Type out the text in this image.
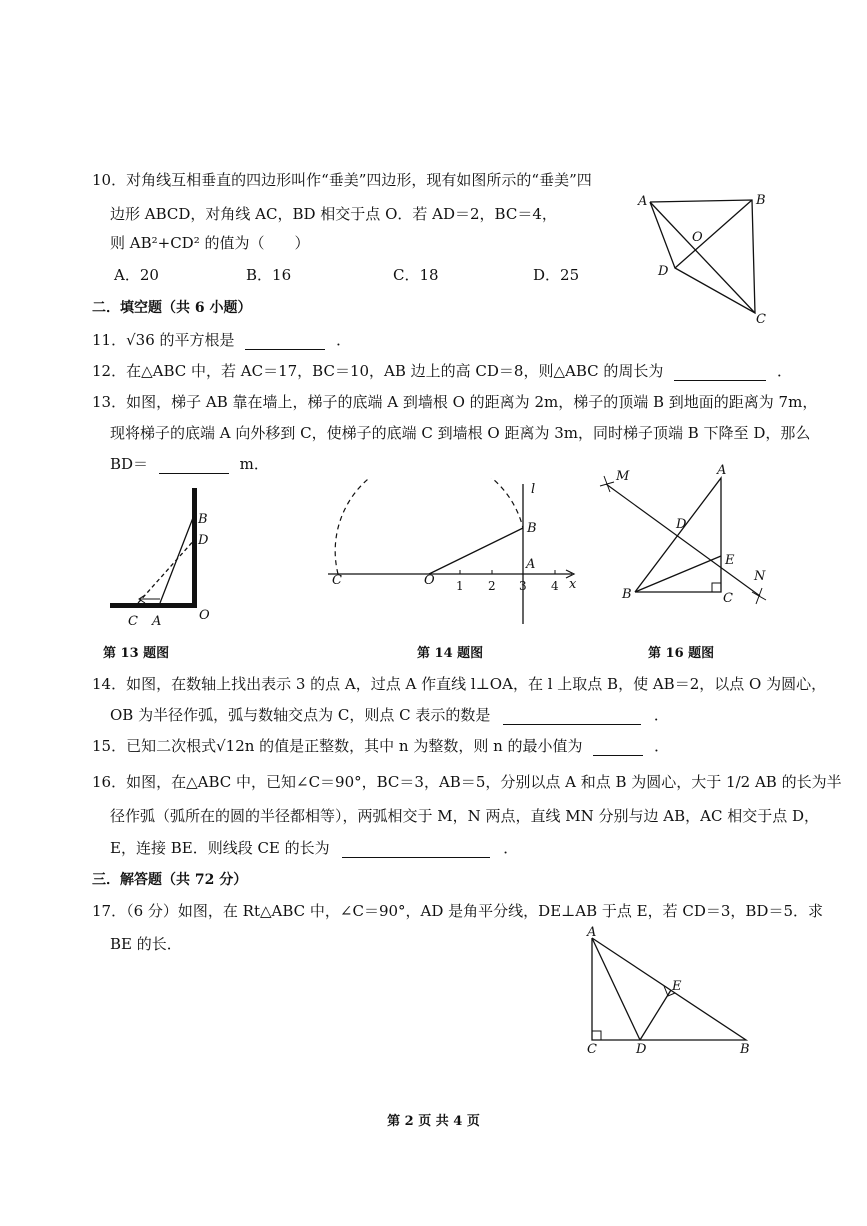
10．对角线互相垂直的四边形叫作“垂美”四边形，现有如图所示的“垂美”四
边形 ABCD，对角线 AC，BD 相交于点 O．若 AD＝2，BC＝4，
则 AB²+CD² 的值为（　　）
A．20	B．16	C．18	D．25
A	B
O
D
C
二．填空题（共 6 小题）
11．√36 的平方根是	．
12．在△ABC 中，若 AC＝17，BC＝10，AB 边上的高 CD＝8，则△ABC 的周长为	．
13．如图，梯子 AB 靠在墙上，梯子的底端 A 到墙根 O 的距离为 2m，梯子的顶端 B 到地面的距离为 7m，
现将梯子的底端 A 向外移到 C，使梯子的底端 C 到墙根 O 距离为 3m，同时梯子顶端 B 下降至 D，那么
BD＝	m．
B
D
O
C A
第 13 题图
l
B
A
C	O 1 2 3 4 x
第 14 题图
M	A
D
E
N
B	C
第 16 题图
14．如图，在数轴上找出表示 3 的点 A，过点 A 作直线 l⊥OA，在 l 上取点 B，使 AB＝2，以点 O 为圆心，
OB 为半径作弧，弧与数轴交点为 C，则点 C 表示的数是	．
15．已知二次根式√12n 的值是正整数，其中 n 为整数，则 n 的最小值为	．
16．如图，在△ABC 中，已知∠C＝90°，BC＝3，AB＝5，分别以点 A 和点 B 为圆心，大于 1/2 AB 的长为半
径作弧（弧所在的圆的半径都相等），两弧相交于 M，N 两点，直线 MN 分别与边 AB，AC 相交于点 D，
E，连接 BE．则线段 CE 的长为	．
三．解答题（共 72 分）
17．（6 分）如图，在 Rt△ABC 中，∠C＝90°，AD 是角平分线，DE⊥AB 于点 E，若 CD＝3，BD＝5．求
BE 的长．
A
E
C	D	B
第 2 页 共 4 页
